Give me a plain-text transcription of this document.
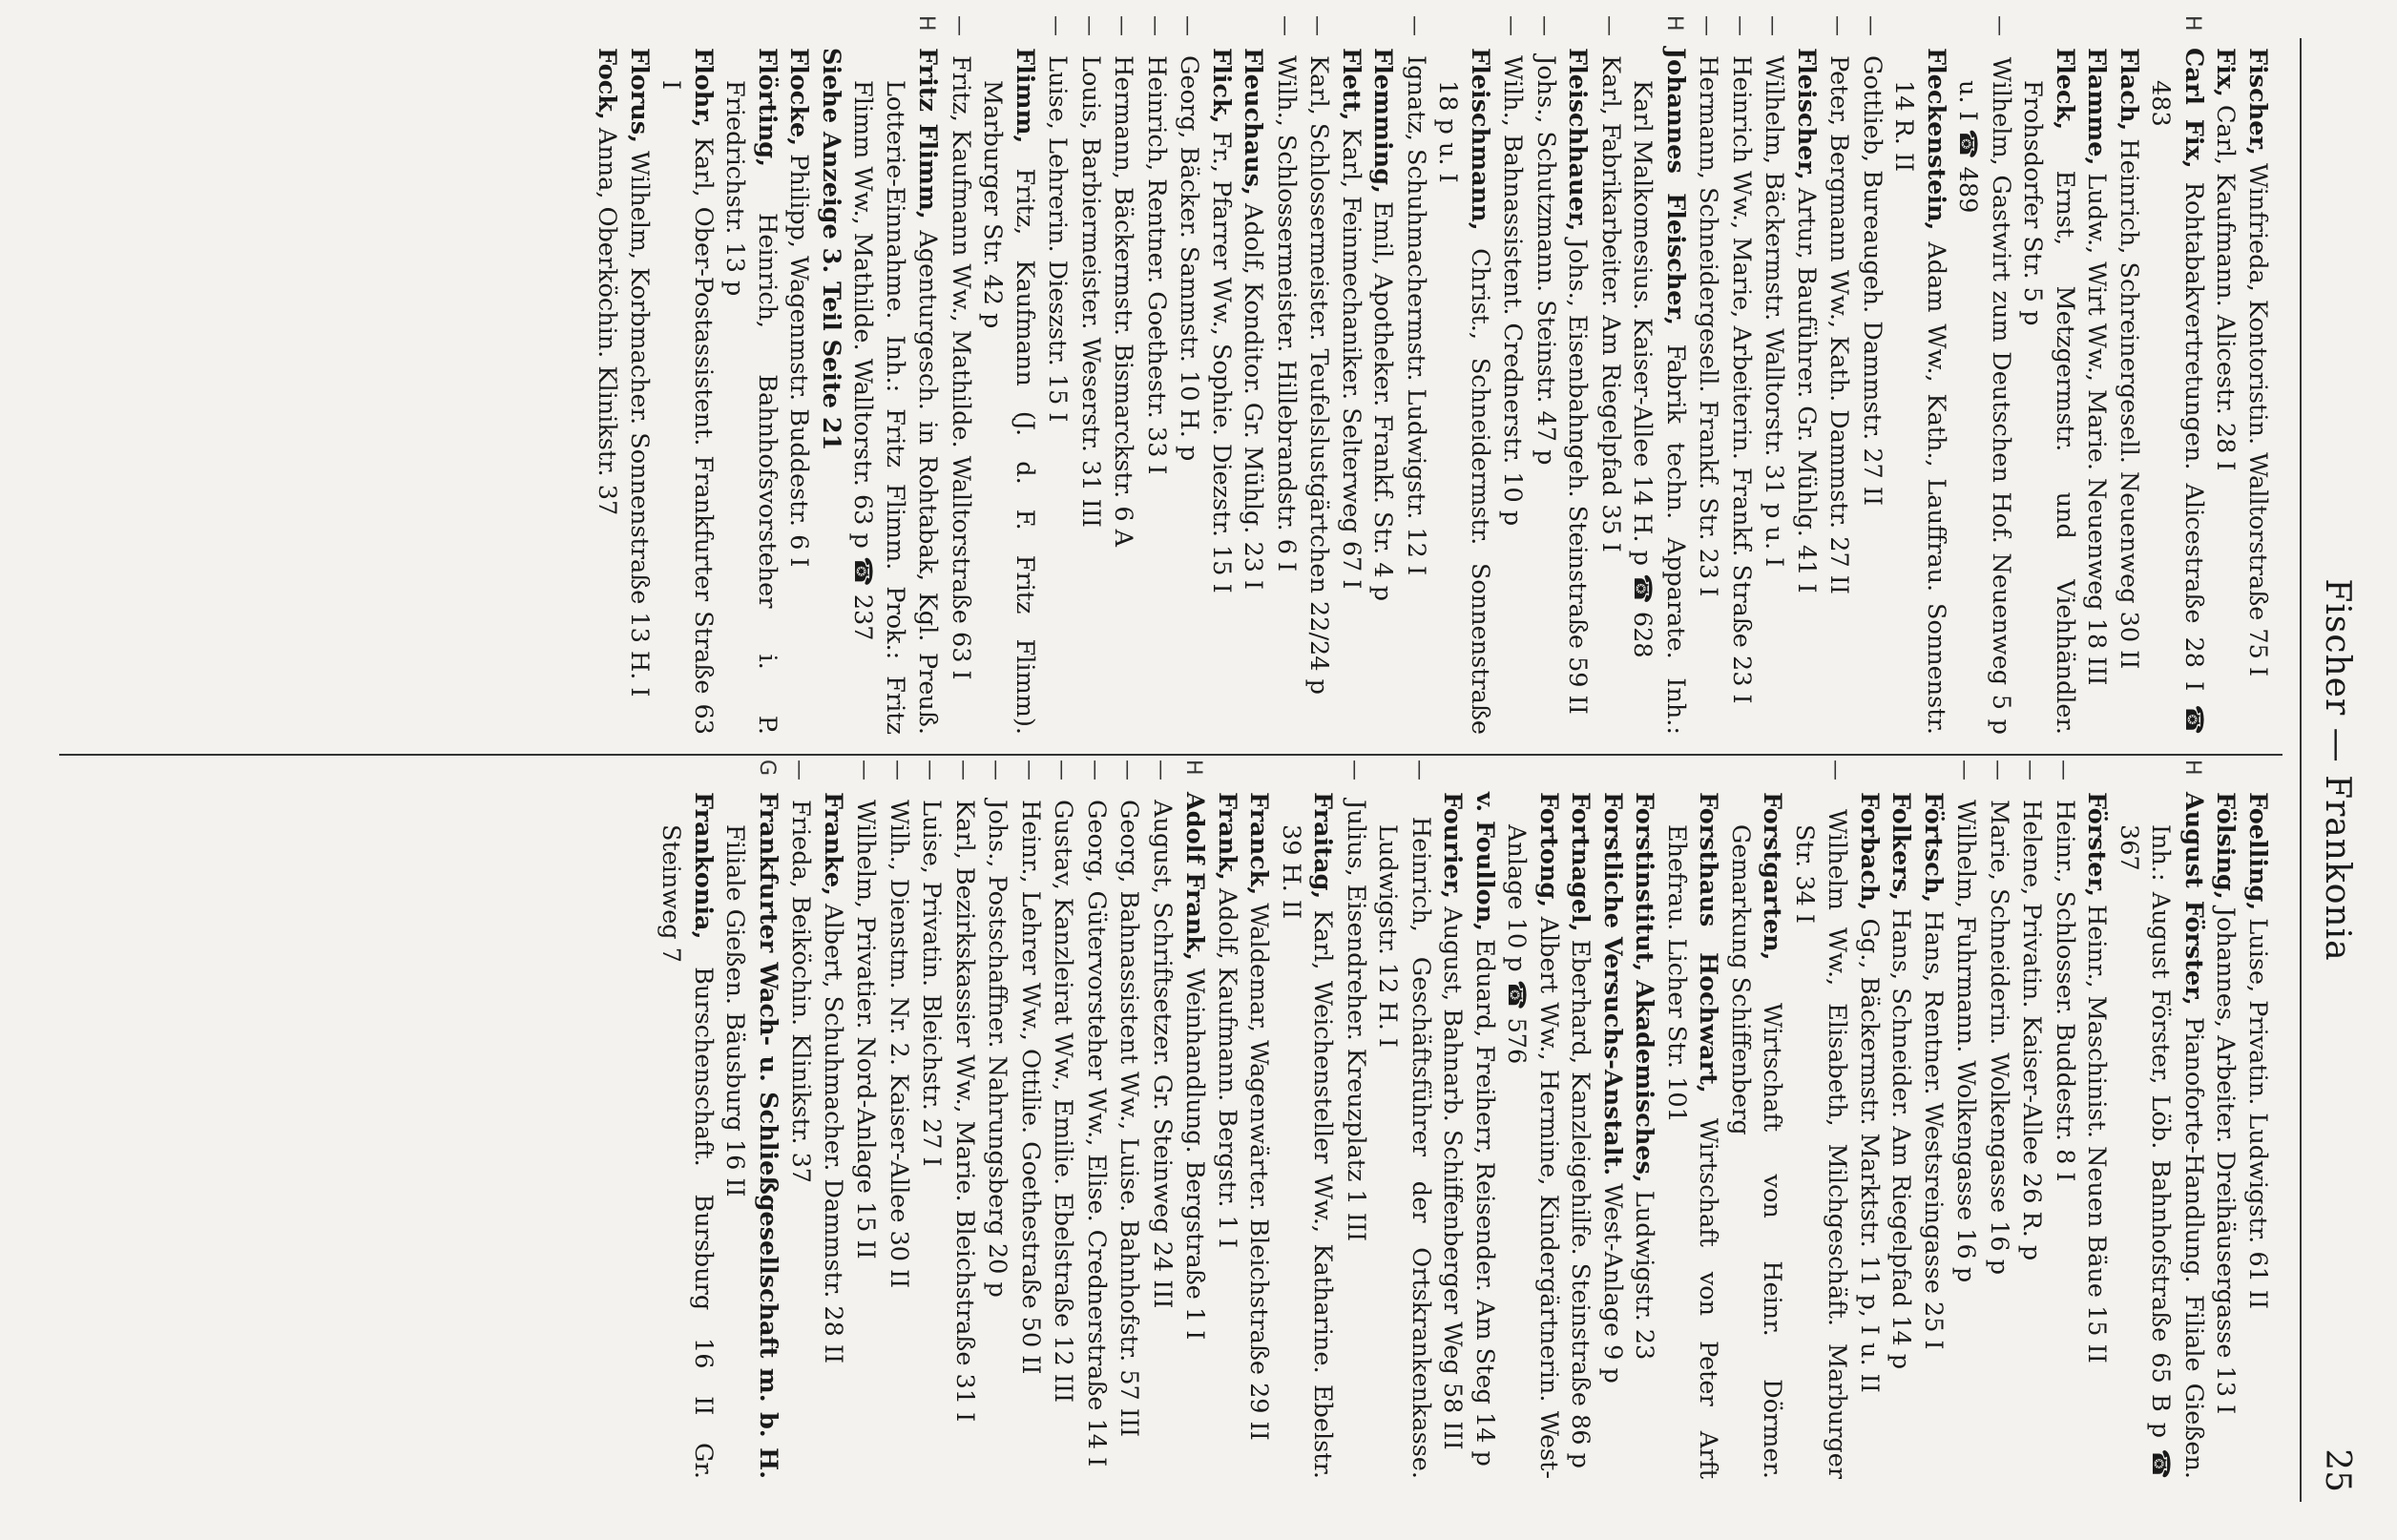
Fischer — Frankonia
25

Fischer, Winfrieda, Kontoristin. Walltorstraße 75 I

Fix, Carl, Kaufmann. Alicestr. 28 I

HCarl Fix, Rohtabakvertretungen. Alicestraße 28 I ☎ 483

Flach, Heinrich, Schreinergesell. Neuenweg 30 II

Flamme, Ludw., Wirt Ww., Marie. Neuenweg 18 III

Fleck, Ernst, Metzgermstr. und Viehhändler. Frohsdorfer Str. 5 p

— Wilhelm, Gastwirt zum Deutschen Hof. Neuenweg 5 p u. I ☎ 489

Fleckenstein, Adam Ww., Kath., Lauffrau. Sonnenstr. 14 R. II

— Gottlieb, Bureaugeh. Dammstr. 27 II

— Peter, Bergmann Ww., Kath. Dammstr. 27 II

Fleischer, Artur, Bauführer. Gr. Mühlg. 41 I

— Wilhelm, Bäckermstr. Walltorstr. 31 p u. I

— Heinrich Ww., Marie, Arbeiterin. Frankf. Straße 23 I

— Hermann, Schneidergesell. Frankf. Str. 23 I

HJohannes Fleischer, Fabrik techn. Apparate. Inh.: Karl Malkomesius. Kaiser-Allee 14 H. p ☎ 628

— Karl, Fabrikarbeiter. Am Riegelpfad 35 I

Fleischhauer, Johs., Eisenbahngeh. Steinstraße 59 II

— Johs., Schutzmann. Steinstr. 47 p

— Wilh., Bahnassistent. Crednerstr. 10 p

Fleischmann, Christ., Schneidermstr. Sonnenstraße 18 p u. I

— Ignatz, Schuhmachermstr. Ludwigstr. 12 I

Flemming, Emil, Apotheker. Frankf. Str. 4 p

Flett, Karl, Feinmechaniker. Selterweg 67 I

— Karl, Schlossermeister. Teufelslustgärtchen 22/24 p

— Wilh., Schlossermeister. Hillebrandstr. 6 I

Fleuchaus, Adolf, Konditor. Gr. Mühlg. 23 I

Flick, Fr., Pfarrer Ww., Sophie. Diezstr. 15 I

— Georg, Bäcker. Sammstr. 10 H. p

— Heinrich, Rentner. Goethestr. 33 I

— Hermann, Bäckermstr. Bismarckstr. 6 A

— Louis, Barbiermeister. Weserstr. 31 III

— Luise, Lehrerin. Dieszstr. 15 I

Flimm, Fritz, Kaufmann (J. d. F. Fritz Flimm). Marburger Str. 42 p

— Fritz, Kaufmann Ww., Mathilde. Walltorstraße 63 I

HFritz Flimm, Agenturgesch. in Rohtabak, Kgl. Preuß. Lotterie-Einnahme. Inh.: Fritz Flimm. Prok.: Fritz Flimm Ww., Mathilde. Walltorstr. 63 p ☎ 237

Siehe Anzeige 3. Teil Seite 21

Flocke, Philipp, Wagenmstr. Buddestr. 6 I

Flörting, Heinrich, Bahnhofsvorsteher i. P. Friedrichstr. 13 p

Flohr, Karl, Ober-Postassistent. Frankfurter Straße 63 I

Florus, Wilhelm, Korbmacher. Sonnenstraße 13 H. I

Fock, Anna, Oberköchin. Klinikstr. 37

Foelling, Luise, Privatin. Ludwigstr. 61 II

Fölsing, Johannes, Arbeiter. Dreihäusergasse 13 I

HAugust Förster, Pianoforte-Handlung. Filiale Gießen. Inh.: August Förster, Löb. Bahnhofstraße 65 B p ☎ 367

Förster, Heinr., Maschinist. Neuen Bäue 15 II

— Heinr., Schlosser. Buddestr. 8 I

— Helene, Privatin. Kaiser-Allee 26 R. p

— Marie, Schneiderin. Wolkengasse 16 p

— Wilhelm, Fuhrmann. Wolkengasse 16 p

Förtsch, Hans, Rentner. Westsreingasse 25 I

Folkers, Hans, Schneider. Am Riegelpfad 14 p

Forbach, Gg., Bäckermstr. Marktstr. 11 p, I u. II

— Wilhelm Ww., Elisabeth, Milchgeschäft. Marburger Str. 34 I

Forstgarten, Wirtschaft von Heinr. Dörmer. Gemarkung Schiffenberg

Forsthaus Hochwart, Wirtschaft von Peter Arft Ehefrau. Licher Str. 101

Forstinstitut, Akademisches, Ludwigstr. 23

Forstliche Versuchs-Anstalt. West-Anlage 9 p

Fortnagel, Eberhard, Kanzleigehilfe. Steinstraße 86 p

Fortong, Albert Ww., Hermine, Kindergärtnerin. West-Anlage 10 p ☎ 576

v. Foullon, Eduard, Freiherr, Reisender. Am Steg 14 p

Fourier, August, Bahnarb. Schiffenberger Weg 58 III

— Heinrich, Geschäftsführer der Ortskrankenkasse. Ludwigstr. 12 H. I

— Julius, Eisendreher. Kreuzplatz 1 III

Fraitag, Karl, Weichensteller Ww., Katharine. Ebelstr. 39 H. II

Franck, Waldemar, Wagenwärter. Bleichstraße 29 II

Frank, Adolf, Kaufmann. Bergstr. 1 I

HAdolf Frank, Weinhandlung. Bergstraße 1 I

— August, Schriftsetzer. Gr. Steinweg 24 III

— Georg, Bahnassistent Ww., Luise. Bahnhofstr. 57 III

— Georg, Gütervorsteher Ww., Elise. Crednerstraße 14 I

— Gustav, Kanzleirat Ww., Emilie. Ebelstraße 12 III

— Heinr., Lehrer Ww., Ottilie. Goethestraße 50 II

— Johs., Postschaffner. Nahrungsberg 20 p

— Karl, Bezirkskassier Ww., Marie. Bleichstraße 31 I

— Luise, Privatin. Bleichstr. 27 I

— Wilh., Dienstm. Nr. 2. Kaiser-Allee 30 II

— Wilhelm, Privatier. Nord-Anlage 15 II

Franke, Albert, Schuhmacher. Dammstr. 28 II

— Frieda, Beiköchin. Klinikstr. 37

GFrankfurter Wach- u. Schließgesellschaft m. b. H. Filiale Gießen. Bäusburg 16 II

Frankonia, Burschenschaft. Bursburg 16 II Gr. Steinweg 7
